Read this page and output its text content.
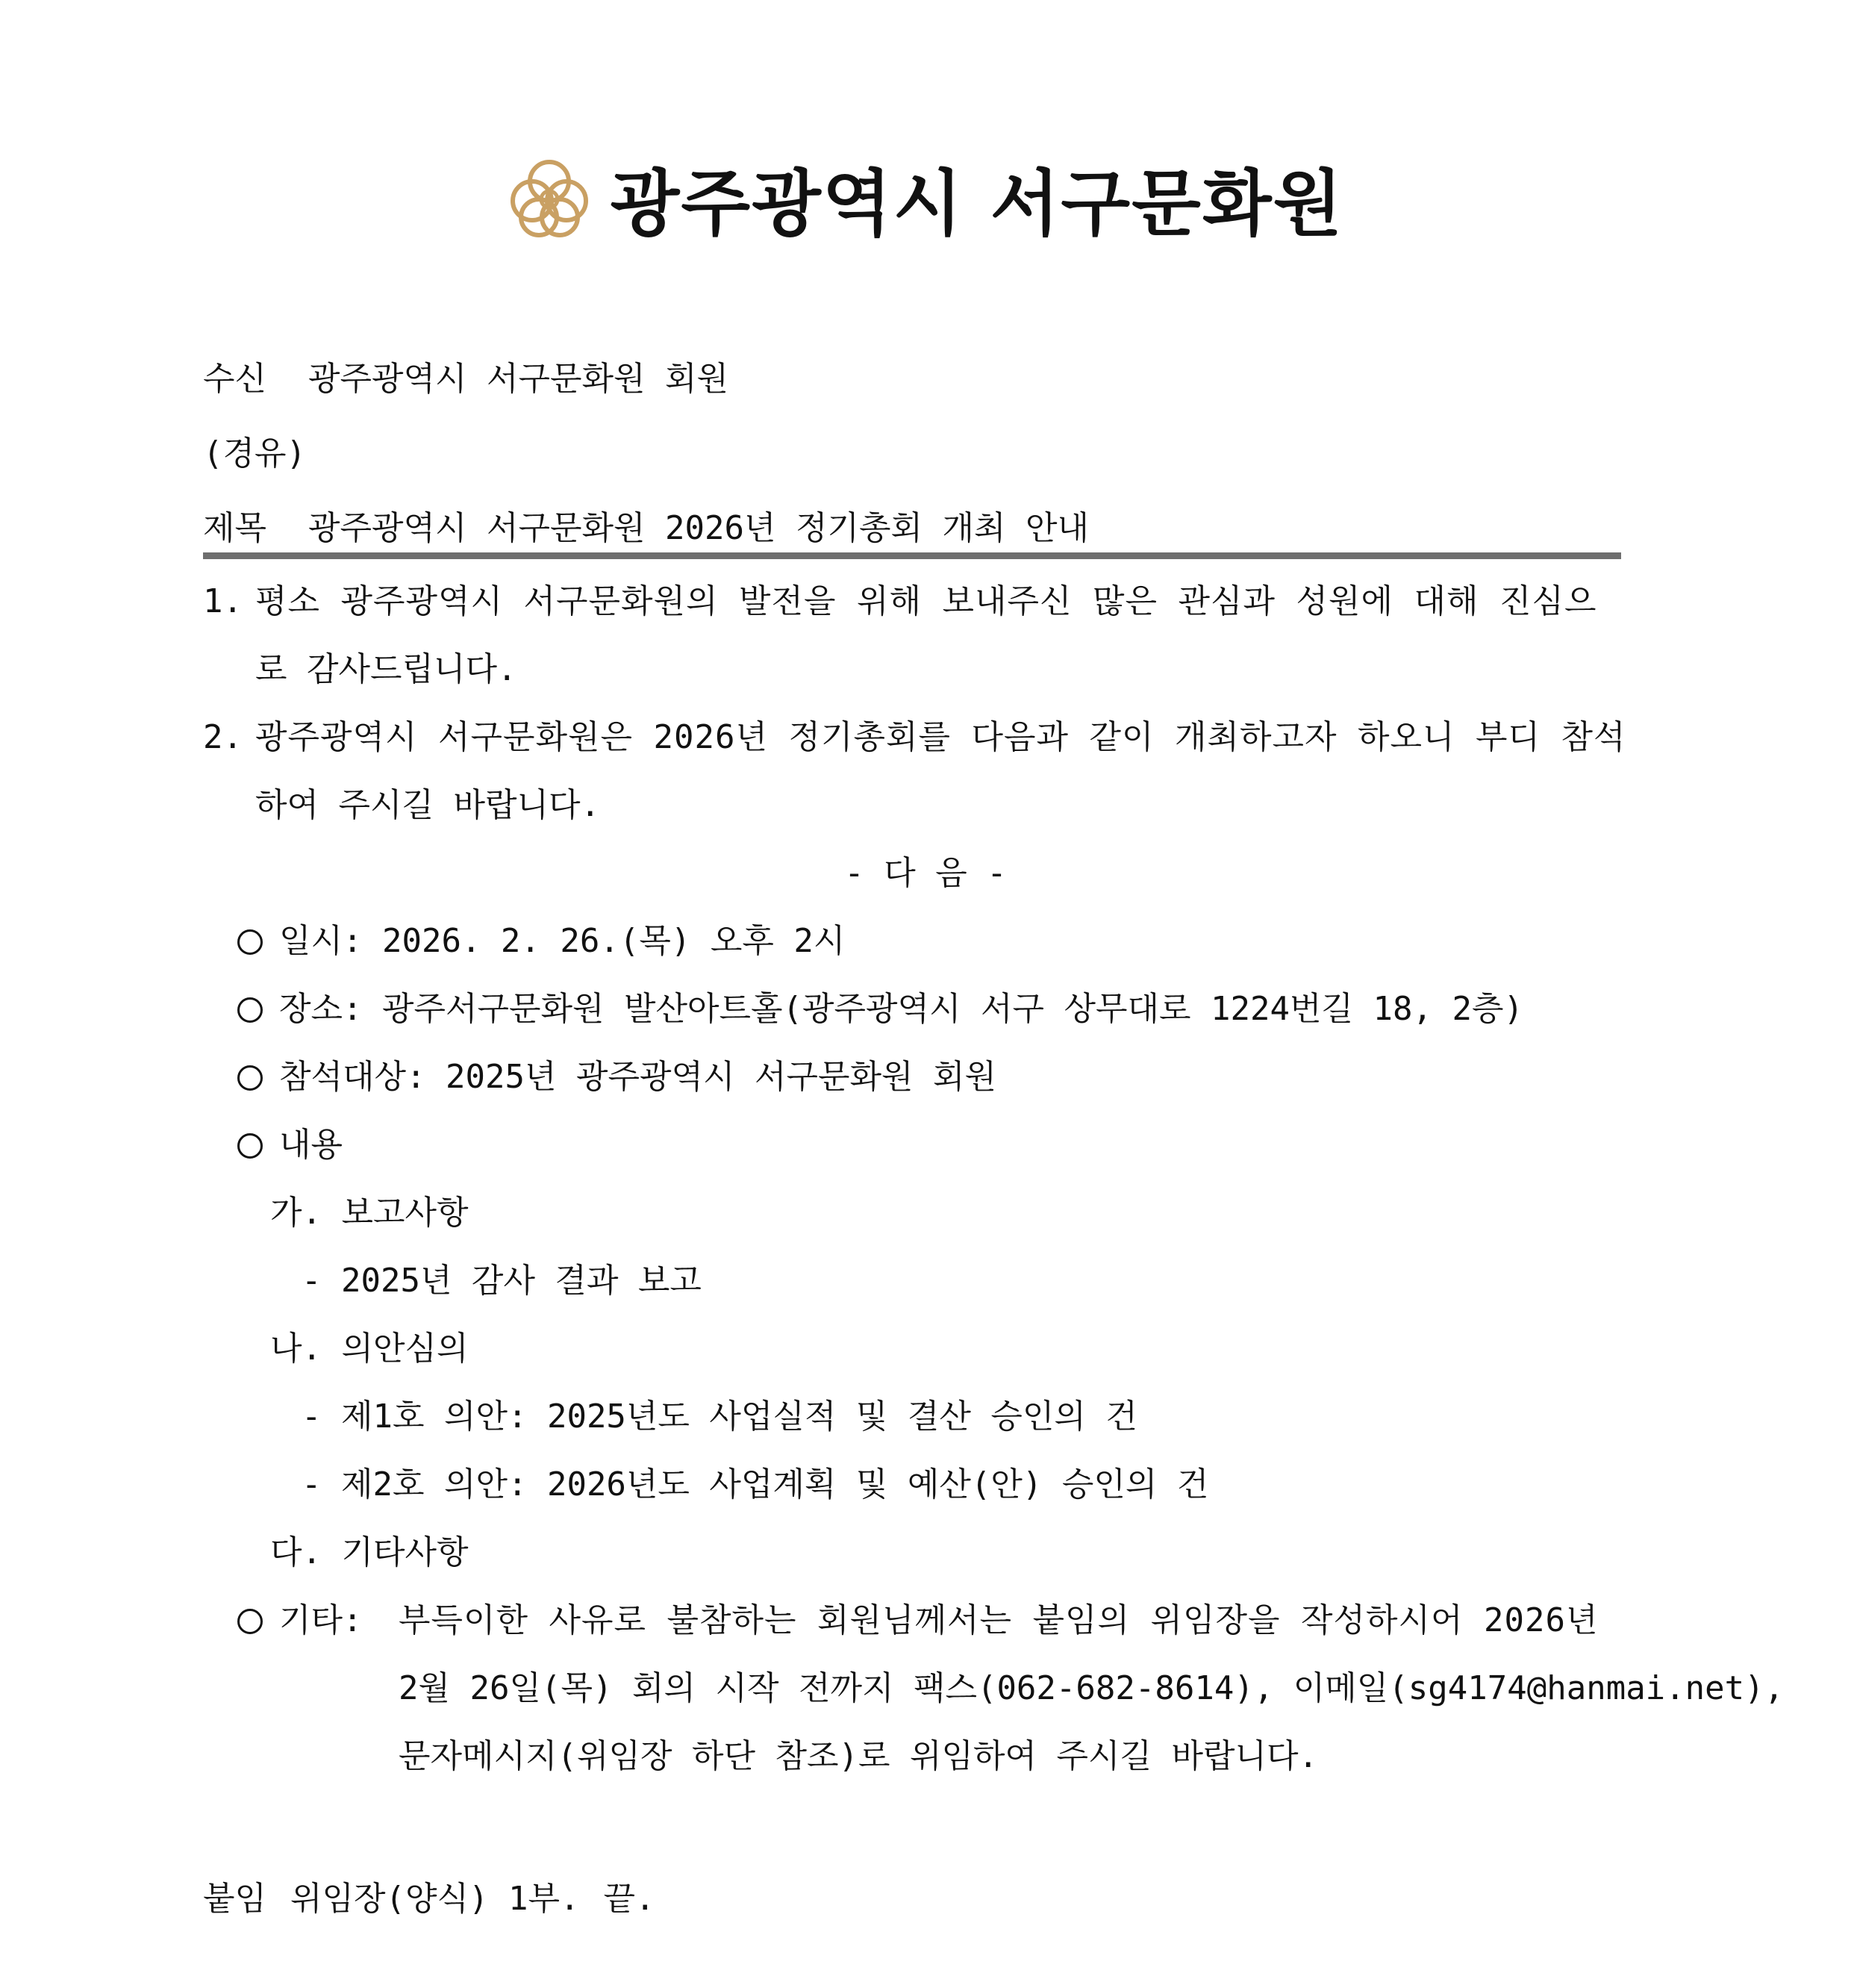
광주광역시 서구문화원
수신 광주광역시 서구문화원 회원
(경유)
제목 광주광역시 서구문화원 2026년 정기총회 개최 안내
1. 평소 광주광역시 서구문화원의 발전을 위해 보내주신 많은 관심과 성원에 대해 진심으
로 감사드립니다.
2. 광주광역시 서구문화원은 2026년 정기총회를 다음과 같이 개최하고자 하오니 부디 참석
하여 주시길 바랍니다.
- 다 음 -
일시: 2026. 2. 26.(목) 오후 2시
장소: 광주서구문화원 발산아트홀(광주광역시 서구 상무대로 1224번길 18, 2층)
참석대상: 2025년 광주광역시 서구문화원 회원
내용
가. 보고사항
- 2025년 감사 결과 보고
나. 의안심의
- 제1호 의안: 2025년도 사업실적 및 결산 승인의 건
- 제2호 의안: 2026년도 사업계획 및 예산(안) 승인의 건
다. 기타사항
기타: 부득이한 사유로 불참하는 회원님께서는 붙임의 위임장을 작성하시어 2026년
2월 26일(목) 회의 시작 전까지 팩스(062-682-8614), 이메일(sg4174@hanmai.net),
문자메시지(위임장 하단 참조)로 위임하여 주시길 바랍니다.
붙임 위임장(양식) 1부. 끝.
